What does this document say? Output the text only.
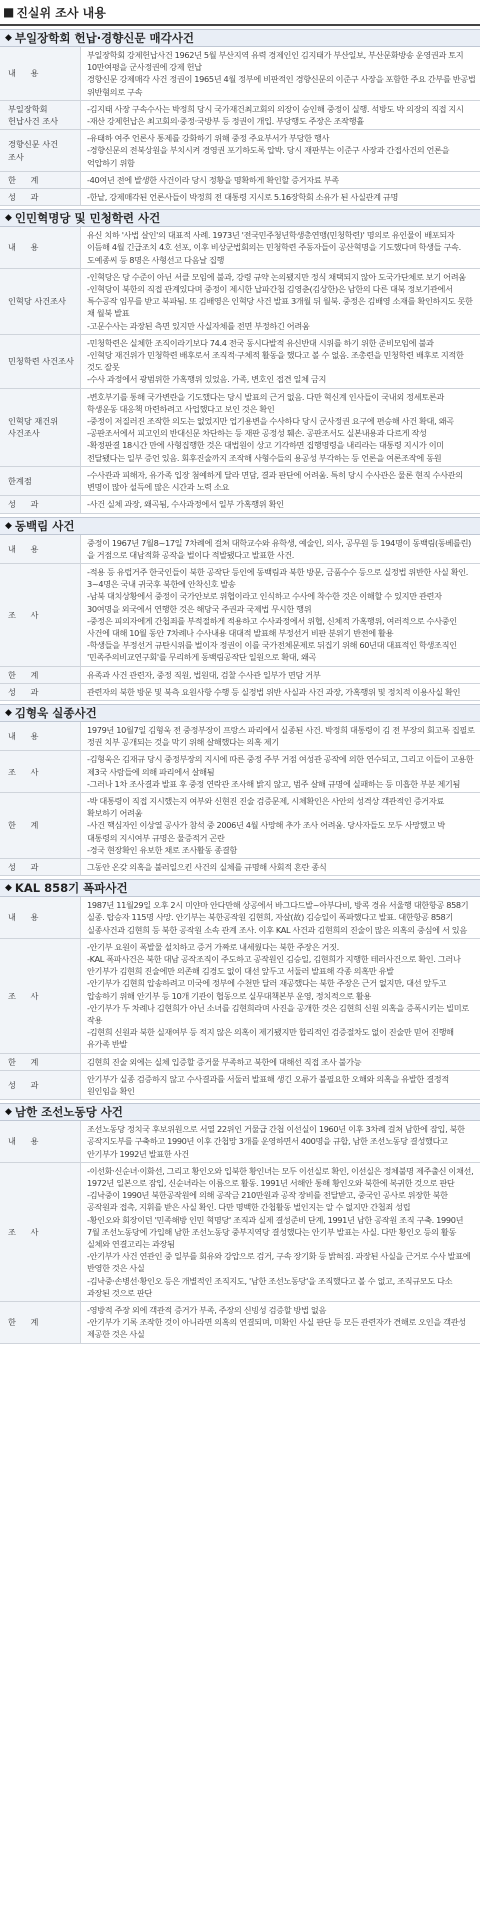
■ 진실위 조사 내용
◆ 부일장학회 헌납·경향신문 매각사건
내 용	부일장학회 강제헌납사건 1962년 5월 부산지역 유력 경제인인 김지태가 부산일보, 부산문화방송 운영권과 토지 10만여평을 군사정권에 강제 헌납
경향신문 강제매각 사건 정권이 1965년 4월 정부에 비판적인 경향신문의 이준구 사장을 포함한 주요 간부를 반공법 위반혐의로 구속

부일장학회 헌납사건 조사	-김지태 사장 구속수사는 박정희 당시 국가재건최고회의 의장이 승인해 중정이 실행. 석방도 박 의장의 직접 지시
-재산 강제헌납은 최고회의·중정·국방부 등 정권이 개입. 부당행도 주장은 조작행휼

경향신문 사건 조사	-유태하 여주 언론사 통제를 강화하기 위해 중정 주요부서가 부당한 행사
-경향신문의 전북상원을 부치시켜 경영권 포기하도록 압박. 당시 재판부는 이준구 사장과 간접사건의 언론을 억압하기 위함

한 계	-40여년 전에 발생한 사건이라 당시 정황을 명확하게 확인할 증거자료 부족

성 과	-한낱, 강제매각된 언론사들이 박정희 전 대통령 지시로 5.16장학회 소유가 된 사실관계 규명
◆ 인민혁명당 및 민청학련 사건
내 용	유신 치하 '사법 살인'의 대표적 사례. 1973년 '전국민주청년학생총연맹(민청학련)' 명의로 유인물이 배포되자 이듬해 4월 긴급조치 4호 선포, 이후 비상군법회의는 민청학련 주동자들이 공산혁명을 기도했다며 학생들 구속. 도예종씨 등 8명은 사형선고 다음날 집행

인혁당 사건조사	-인혁당은 당 수준이 아닌 서클 모임에 불과, 강령 규약 논의됐지만 정식 채택되지 않아 도국가단체로 보기 어려움
-인혁당이 북한의 직접 관계있다며 중정이 제시한 납파간첩 김영춘(김상한)은 남한의 다른 대북 정보기관에서 특수공작 임무를 받고 북파됨. 또 김배영은 인혁당 사건 발표 3개월 뒤 월북. 중정은 김배영 소재를 확인하지도 못한 채 월북 발표
-고문수사는 과장된 측면 있지만 사실자체를 전면 부정하긴 어려움

민청학련 사건조사	-민청학련은 실체한 조직이라기보다 74.4 전국 동시다발적 유신반대 시위를 하기 위한 준비모임에 불과
-인혁당 재건위가 민청학련 배후로서 조직적·구체적 활동을 했다고 볼 수 없음. 조총련을 민청학련 배후로 지적한 것도 잘못
-수사 과정에서 광범위한 가혹행위 있었음. 가족, 변호인 접견 일체 금지

인혁당 재건위 사건조사	-변호부기를 통해 국가변란을 기도했다는 당시 발표의 근거 없음. 다만 혁신계 인사들이 국내외 정세토론과 학생운동 대응책 마련하려고 사업했다고 보인 것은 확인
-중정이 저질러진 조작한 의도는 없었지만 업기용변을 수사하다 당시 군사정권 요구에 편승해 사건 확대, 왜곡
-공판조서에서 피고인의 반대신문 차단하는 등 재판 공정성 훼손. 공판조서도 실본내용과 다르게 작성
-확정판결 18시간 만에 사형집행한 것은 대법원이 상고 기각하면 집행명령을 내리라는 대통령 지시가 이미 전달됐다는 일부 증언 있음. 회후진술까지 조작해 사형수들의 용공성 부각하는 등 언론을 여론조작에 동원

한계점	-수사관과 피해자, 유가족 입장 첨예하게 달라 면담, 결과 판단에 어려움. 특히 당시 수사관은 물론 현직 수사관의 변명이 많아 설득에 많은 시간과 노력 소요

성 과	-사건 실체 과장, 왜곡됨, 수사과정에서 일부 가혹행위 확인
◆ 동백림 사건
내 용	중정이 1967년 7월8~17일 7차례에 걸쳐 대학교수와 유학생, 예술인, 의사, 공무원 등 194명이 동백림(동베를린)을 거점으로 대남적화 공작을 벌이다 적발됐다고 발표한 사건.

조 사	-적용 등 유럽거주 한국인들이 북한 공작단 등인에 동백림과 북한 방문, 금품수수 등으로 실정법 위반한 사실 확인. 3~4명은 국내 귀국후 북한에 안착신호 발송
-남북 대치상황에서 중정이 국가안보로 위협이라고 인식하고 수사에 착수한 것은 이해할 수 있지만 관련자 30여명을 외국에서 연행한 것은 해당국 주권과 국제법 무시한 행위
-중정은 피의자에게 간첩죄를 부적절하게 적용하고 수사과정에서 위협, 신체적 가혹행위, 여러적으로 수사중인 사건에 대해 10월 동안 7차례나 수사내용 대대적 발표해 부정선거 비판 분위기 반전에 활용
-학생들을 부정선거 규탄시위를 벌이자 정권이 이를 국가전체문제로 뒤집기 위해 60년대 대표적인 학생조직인 '민족주의비교연구회'를 무리하게 동백림공작단 일원으로 확대, 왜곡

한 계	유족과 사건 관련자, 중정 직원, 법원대, 검찰 수사관 일부가 면담 거부

성 과	관련자의 북한 방문 및 북측 요원사항 수행 등 실정법 위반 사실과 사건 과장, 가혹행위 및 정치적 이용사실 확인
◆ 김형욱 실종사건
내 용	1979년 10월7일 김형욱 전 중정부장이 프랑스 파리에서 실종된 사건. 박정희 대통령이 김 전 부장의 회고록 집필로 정권 치부 공개되는 것을 막기 위해 살해했다는 의혹 제기

조 사	-김형욱은 김재규 당시 중정부장의 지시에 따른 중정 주부 거점 여성관 공작에 의한 연수되고, 그리고 이들이 고용한 제3국 사람들에 의해 파리에서 살해됨
-그러나 1차 조사결과 발표 후 중정 연락관 조사해 밝지 않고, 범주 살해 규명에 실패하는 등 미흡한 부분 제기됨

한 계	-박 대통령이 직접 지시했는지 여부와 신현진 진술 검증문제, 시체확인은 사안의 성격상 객관적인 증거자료 확보하기 어려움
-사건 핵심자인 이상열 공사가 참석 중 2006년 4월 사망해 추가 조사 어려움. 당사자들도 모두 사망했고 박 대통령의 지시여부 규명은 물증적거 곤란
-경국 현장확인 유보한 채로 조사활동 종결함

성 과	그동안 온갖 의혹을 불러일으킨 사건의 실체를 규명해 사회적 혼란 종식
◆ KAL 858기 폭파사건
내 용	1987년 11월29일 오후 2시 미얀마 안다만해 상공에서 바그다드발~아부다비, 방콕 경유 서울행 대한항공 858기 실종. 탑승자 115명 사망. 안기부는 북한공작원 김현희, 자살(故) 김승일이 폭파했다고 발표. 대한항공 858기 실종사건과 김현희 등 북한 공작원 소속 관계 조사. 이후 KAL 사건과 김현희의 진술이 많은 의혹의 중심에 서 있음

조 사	-안기부 요원이 폭발물 설치하고 증거 가짜로 내세웠다는 북한 주장은 거짓.
-KAL 폭파사건은 북한 대남 공작조직이 주도하고 공작원인 김승일, 김현희가 지행한 테러사건으로 확인. 그러나 안기부가 김현희 진술에만 의존해 김경도 없이 대선 앞두고 서둘러 발표해 각종 의혹만 유발
-안기부가 김현희 압송하려고 미국에 정부에 수천만 달러 재공했다는 북한 주장은 근거 없지만, 대선 앞두고 압송하기 위해 안기부 등 10개 기관이 협동으로 실무대책본부 운영, 정치적으로 활용
-안기부가 두 차례나 김현희가 아닌 소녀를 김현희라며 사진을 공개한 것은 김현희 신원 의혹을 증폭시키는 빌미로 작용
-김현희 신원과 북한 실재여부 등 적지 않은 의혹이 제기됐지만 합리적인 검증절차도 없이 진술만 믿어 진행해 유가족 반발

한 계	김현희 진술 외에는 실체 입증할 증거물 부족하고 북한에 대해선 직접 조사 불가능

성 과	안기부가 실종 검증하지 않고 수사결과를 서둘러 발표해 생긴 오류가 불필요한 오해와 의혹을 유발한 결정적 원인임을 확인
◆ 남한 조선노동당 사건
내 용	조선노동당 정치국 후보위원으로 서열 22위인 거물급 간첩 이선실이 1960년 이후 3차례 걸쳐 남한에 잠입, 북한 공작지도부를 구축하고 1990년 이후 간첩망 3개를 운영하면서 400명을 규합, 남한 조선노동당 결성했다고 안기부가 1992년 발표한 사건

조 사	-이선화·신순녀·이화선, 그리고 황인오와 입북한 황인녀는 모두 이선실로 확인, 이선실은 정체불명 제주출신 이채선, 1972년 일본으로 잠입, 신순녀라는 이름으로 활동. 1991년 서해안 통해 황인오와 북한에 복귀한 것으로 판단
-김낙중이 1990년 북한공작원에 의해 공작금 210만원과 공작 장비를 전달받고, 중국인 공사로 위장한 북한 공작원과 접촉, 지휘를 받은 사실 확인. 다만 명백한 간첩활동 벌인지는 알 수 없지만 간첩죄 성립
-황인오와 회장이던 '민족해방 인민 혁명당' 조직과 실제 결성준비 단계, 1991년 남한 공작원 조직 구축. 1990년 7월 조선노동당에 가입해 남한 조선노동당 중부지역당 결성했다는 안기부 발표는 사실. 다만 황인오 등의 활동 실체와 연결고리는 과장됨
-안기부가 사건 연관인 중 일부를 회유와 강압으로 검거, 구속 장기화 등 밝혀짐. 과장된 사실을 근거로 수사 발표에 반영한 것은 사실
-김낙중·손병선·황인오 등은 개별적인 조직지도, '남한 조선노동당'을 조직했다고 볼 수 없고, 조직규모도 다소 과장된 것으로 판단

한 계	-영방적 주장 외에 객관적 증거가 부족, 주장의 신빙성 검증할 방법 없음
-안기부가 기록 조작한 것이 아니라면 의혹의 연결되며, 미확인 사실 판단 등 모든 관련자가 견해로 오인을 객관성 제공한 것은 사실
